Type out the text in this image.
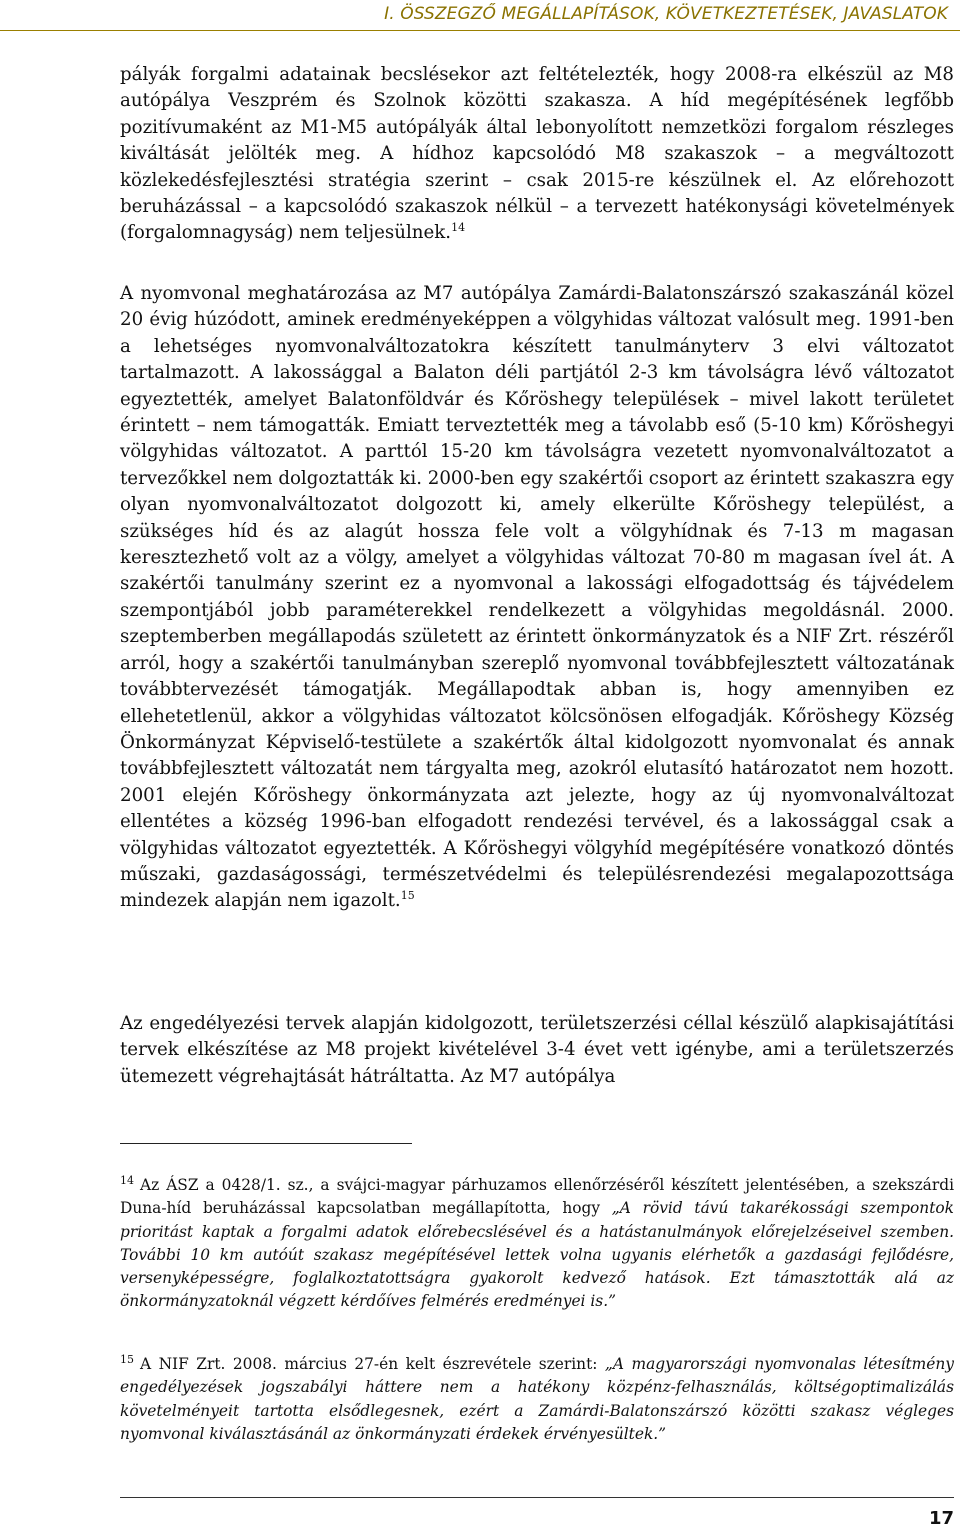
I. ÖSSZEGZŐ MEGÁLLAPÍTÁSOK, KÖVETKEZTETÉSEK, JAVASLATOK

pályák forgalmi adatainak becslésekor azt feltételezték, hogy 2008-ra elkészül az M8 autópálya Veszprém és Szolnok közötti szakasza. A híd megépítésének legfőbb pozitívumaként az M1-M5 autópályák által lebonyolított nemzetközi forgalom részleges kiváltását jelölték meg. A hídhoz kapcsolódó M8 szakaszok – a megváltozott közlekedésfejlesztési stratégia szerint – csak 2015-re készülnek el. Az előrehozott beruházással – a kapcsolódó szakaszok nélkül – a tervezett hatékonysági követelmények (forgalomnagyság) nem teljesülnek.$^{14}$

A nyomvonal meghatározása az M7 autópálya Zamárdi-Balatonszárszó szakaszánál közel 20 évig húzódott, aminek eredményeképpen a völgyhidas változat valósult meg. 1991-ben a lehetséges nyomvonalváltozatokra készített tanulmányterv 3 elvi változatot tartalmazott. A lakossággal a Balaton déli partjától 2-3 km távolságra lévő változatot egyeztették, amelyet Balatonföldvár és Kőröshegy települések – mivel lakott területet érintett – nem támogatták. Emiatt terveztették meg a távolabb eső (5-10 km) Kőröshegyi völgyhidas változatot. A parttól 15-20 km távolságra vezetett nyomvonalváltozatot a tervezőkkel nem dolgoztatták ki. 2000-ben egy szakértői csoport az érintett szakaszra egy olyan nyomvonalváltozatot dolgozott ki, amely elkerülte Kőröshegy települést, a szükséges híd és az alagút hossza fele volt a völgyhídnak és 7-13 m magasan keresztezhető volt az a völgy, amelyet a völgyhidas változat 70-80 m magasan ível át. A szakértői tanulmány szerint ez a nyomvonal a lakossági elfogadottság és tájvédelem szempontjából jobb paraméterekkel rendelkezett a völgyhidas megoldásnál. 2000. szeptemberben megállapodás született az érintett önkormányzatok és a NIF Zrt. részéről arról, hogy a szakértői tanulmányban szereplő nyomvonal továbbfejlesztett változatának továbbtervezését támogatják. Megállapodtak abban is, hogy amennyiben ez ellehetetlenül, akkor a völgyhidas változatot kölcsönösen elfogadják. Kőröshegy Község Önkormányzat Képviselő-testülete a szakértők által kidolgozott nyomvonalat és annak továbbfejlesztett változatát nem tárgyalta meg, azokról elutasító határozatot nem hozott. 2001 elején Kőröshegy önkormányzata azt jelezte, hogy az új nyomvonalváltozat ellentétes a község 1996-ban elfogadott rendezési tervével, és a lakossággal csak a völgyhidas változatot egyeztették. A Kőröshegyi völgyhíd megépítésére vonatkozó döntés műszaki, gazdaságossági, természetvédelmi és településrendezési megalapozottsága mindezek alapján nem igazolt.$^{15}$

Az engedélyezési tervek alapján kidolgozott, területszerzési céllal készülő alapkisajátítási tervek elkészítése az M8 projekt kivételével 3-4 évet vett igénybe, ami a területszerzés ütemezett végrehajtását hátráltatta. Az M7 autópálya

$^{14}$ Az ÁSZ a 0428/1. sz., a svájci-magyar párhuzamos ellenőrzéséről készített jelentésében, a szekszárdi Duna-híd beruházással kapcsolatban megállapította, hogy „A rövid távú takarékossági szempontok prioritást kaptak a forgalmi adatok előrebecslésével és a hatástanulmányok előrejelzéseivel szemben. További 10 km autóút szakasz megépítésével lettek volna ugyanis elérhetők a gazdasági fejlődésre, versenyképességre, foglalkoztatottságra gyakorolt kedvező hatások. Ezt támasztották alá az önkormányzatoknál végzett kérdőíves felmérés eredményei is.”
$^{15}$ A NIF Zrt. 2008. március 27-én kelt észrevétele szerint: „A magyarországi nyomvonalas létesítmény engedélyezések jogszabályi háttere nem a hatékony közpénz-felhasználás, költségoptimalizálás követelményeit tartotta elsődlegesnek, ezért a Zamárdi-Balatonszárszó közötti szakasz végleges nyomvonal kiválasztásánál az önkormányzati érdekek érvényesültek.”
17
